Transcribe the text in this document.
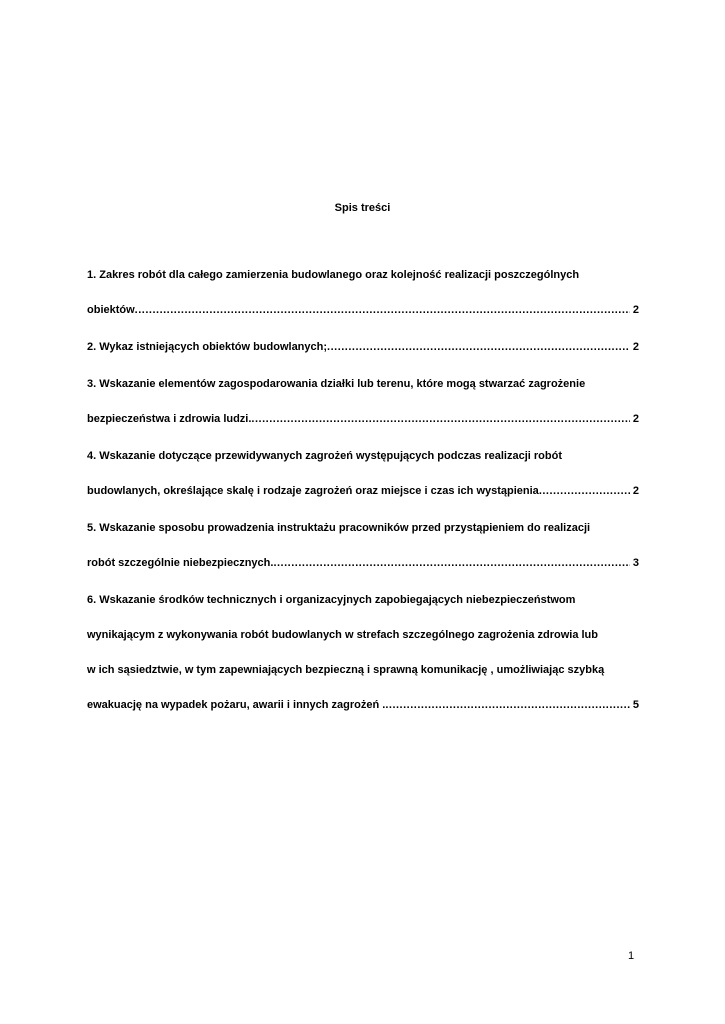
Spis treści
1. Zakres robót dla całego zamierzenia budowlanego oraz kolejność realizacji poszczególnych
obiektów .....	2
2. Wykaz istniejących obiektów budowlanych; .....	2
3. Wskazanie elementów zagospodarowania działki lub terenu, które mogą stwarzać zagrożenie
bezpieczeństwa i zdrowia ludzi. .....	2
4. Wskazanie dotyczące przewidywanych zagrożeń występujących podczas realizacji robót
budowlanych, określające skalę i rodzaje zagrożeń oraz miejsce i czas ich wystąpienia .....	2
5. Wskazanie sposobu prowadzenia instruktażu pracowników przed przystąpieniem do realizacji
robót szczególnie niebezpiecznych. .....	3
6. Wskazanie środków technicznych i organizacyjnych zapobiegających niebezpieczeństwom
wynikającym z wykonywania robót budowlanych w strefach szczególnego zagrożenia zdrowia lub
w ich sąsiedztwie, w tym zapewniających bezpieczną i sprawną komunikację , umożliwiając szybką
ewakuację na wypadek pożaru, awarii i innych zagrożeń . .....	5
1
